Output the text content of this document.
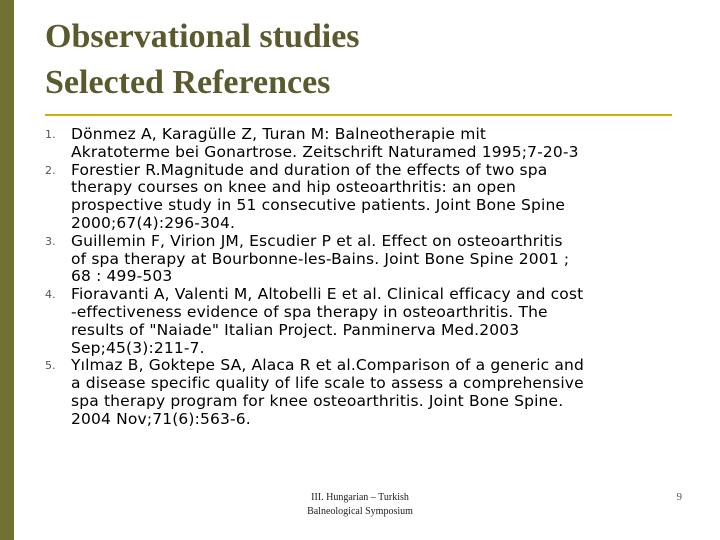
Observational studies
Selected References
1. Dönmez A, Karagülle Z, Turan M: Balneotherapie mit
Akratoterme bei Gonartrose. Zeitschrift Naturamed 1995;7-20-3
2. Forestier R.Magnitude and duration of the effects of two spa
therapy courses on knee and hip osteoarthritis: an open
prospective study in 51 consecutive patients. Joint Bone Spine
2000;67(4):296-304.
3. Guillemin F, Virion JM, Escudier P et al. Effect on osteoarthritis
of spa therapy at Bourbonne-les-Bains. Joint Bone Spine 2001 ;
68 : 499-503
4. Fioravanti A, Valenti M, Altobelli E et al. Clinical efficacy and cost
-effectiveness evidence of spa therapy in osteoarthritis. The
results of "Naiade" Italian Project. Panminerva Med.2003
Sep;45(3):211-7.
5. Yılmaz B, Goktepe SA, Alaca R et al.Comparison of a generic and
a disease specific quality of life scale to assess a comprehensive
spa therapy program for knee osteoarthritis. Joint Bone Spine.
2004 Nov;71(6):563-6.
III. Hungarian – Turkish
Balneological Symposium
9
